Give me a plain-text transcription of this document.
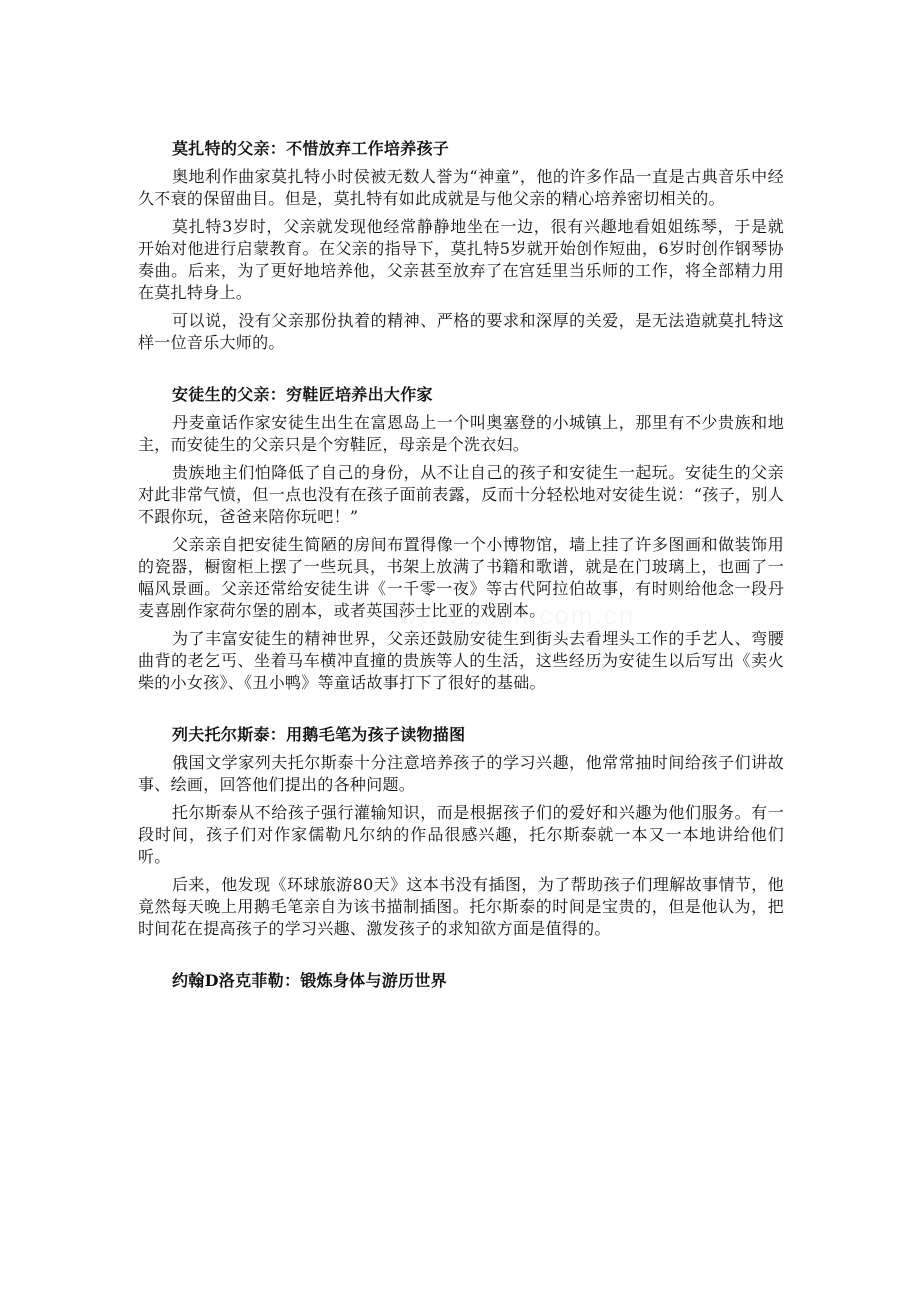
莫扎特的父亲：不惜放弃工作培养孩子

奥地利作曲家莫扎特小时侯被无数人誉为“神童”，他的许多作品一直是古典音乐中经久不衰的保留曲目。但是，莫扎特有如此成就是与他父亲的精心培养密切相关的。

莫扎特3岁时，父亲就发现他经常静静地坐在一边，很有兴趣地看姐姐练琴，于是就开始对他进行启蒙教育。在父亲的指导下，莫扎特5岁就开始创作短曲，6岁时创作钢琴协奏曲。后来，为了更好地培养他，父亲甚至放弃了在宫廷里当乐师的工作，将全部精力用在莫扎特身上。

可以说，没有父亲那份执着的精神、严格的要求和深厚的关爱，是无法造就莫扎特这样一位音乐大师的。

安徒生的父亲：穷鞋匠培养出大作家

丹麦童话作家安徒生出生在富恩岛上一个叫奥塞登的小城镇上，那里有不少贵族和地主，而安徒生的父亲只是个穷鞋匠，母亲是个洗衣妇。

贵族地主们怕降低了自己的身份，从不让自己的孩子和安徒生一起玩。安徒生的父亲对此非常气愤，但一点也没有在孩子面前表露，反而十分轻松地对安徒生说：“孩子，别人不跟你玩，爸爸来陪你玩吧！”

父亲亲自把安徒生简陋的房间布置得像一个小博物馆，墙上挂了许多图画和做装饰用的瓷器，橱窗柜上摆了一些玩具，书架上放满了书籍和歌谱，就是在门玻璃上，也画了一幅风景画。父亲还常给安徒生讲《一千零一夜》等古代阿拉伯故事，有时则给他念一段丹麦喜剧作家荷尔堡的剧本，或者英国莎士比亚的戏剧本。

为了丰富安徒生的精神世界，父亲还鼓励安徒生到街头去看埋头工作的手艺人、弯腰曲背的老乞丐、坐着马车横冲直撞的贵族等人的生活，这些经历为安徒生以后写出《卖火柴的小女孩》、《丑小鸭》等童话故事打下了很好的基础。

列夫托尔斯泰：用鹅毛笔为孩子读物描图

俄国文学家列夫托尔斯泰十分注意培养孩子的学习兴趣，他常常抽时间给孩子们讲故事、绘画，回答他们提出的各种问题。

托尔斯泰从不给孩子强行灌输知识，而是根据孩子们的爱好和兴趣为他们服务。有一段时间，孩子们对作家儒勒凡尔纳的作品很感兴趣，托尔斯泰就一本又一本地讲给他们听。

后来，他发现《环球旅游80天》这本书没有插图，为了帮助孩子们理解故事情节，他竟然每天晚上用鹅毛笔亲自为该书描制插图。托尔斯泰的时间是宝贵的，但是他认为，把时间花在提高孩子的学习兴趣、激发孩子的求知欲方面是值得的。

约翰D洛克菲勒：锻炼身体与游历世界
